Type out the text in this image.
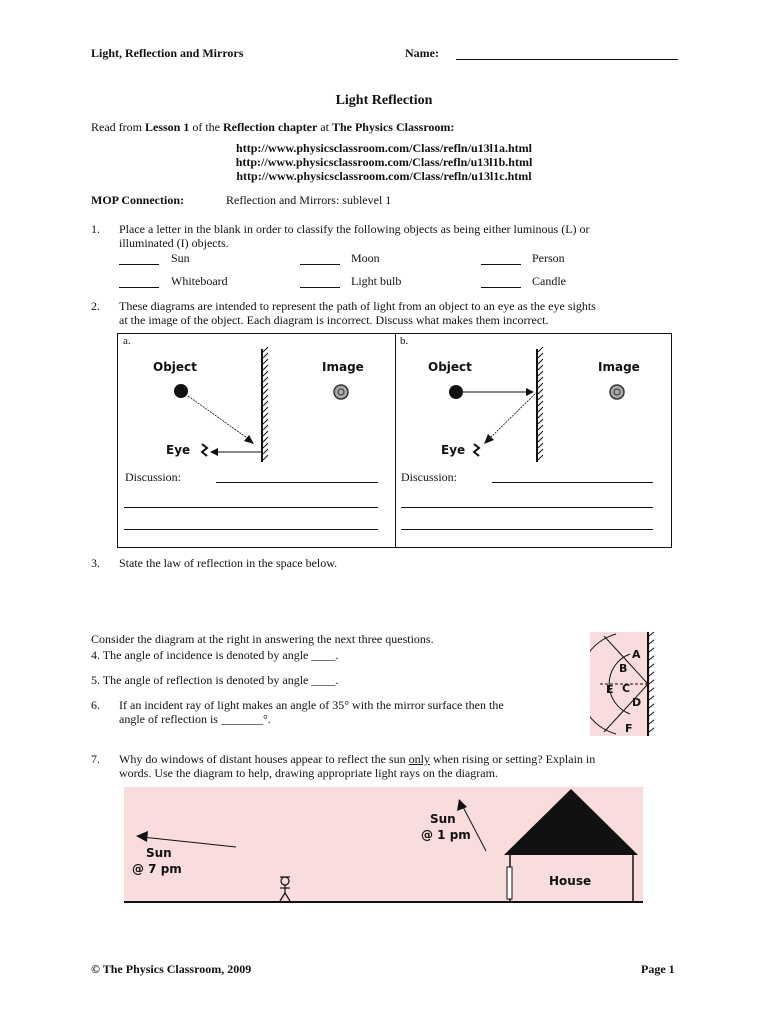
Light, Reflection and Mirrors	Name:
Light Reflection
Read from Lesson 1 of the Reflection chapter at The Physics Classroom:
http://www.physicsclassroom.com/Class/refln/u13l1a.html
http://www.physicsclassroom.com/Class/refln/u13l1b.html
http://www.physicsclassroom.com/Class/refln/u13l1c.html
MOP Connection:	Reflection and Mirrors: sublevel 1
1. Place a letter in the blank in order to classify the following objects as being either luminous (L) or
illuminated (I) objects.
Sun	Moon	Person
Whiteboard	Light bulb	Candle
2. These diagrams are intended to represent the path of light from an object to an eye as the eye sights
at the image of the object. Each diagram is incorrect. Discuss what makes them incorrect.
a.
Object	Image
Eye
Discussion:
b.
Object	Image
Eye
Discussion:
3. State the law of reflection in the space below.
Consider the diagram at the right in answering the next three questions.
4. The angle of incidence is denoted by angle ____.
5. The angle of reflection is denoted by angle ____.
6. If an incident ray of light makes an angle of 35° with the mirror surface then the
angle of reflection is _______°.
A
B
C
D
E
F
7. Why do windows of distant houses appear to reflect the sun only when rising or setting? Explain in
words. Use the diagram to help, drawing appropriate light rays on the diagram.
Sun
@ 1 pm
Sun
@ 7 pm
House
© The Physics Classroom, 2009	Page 1
